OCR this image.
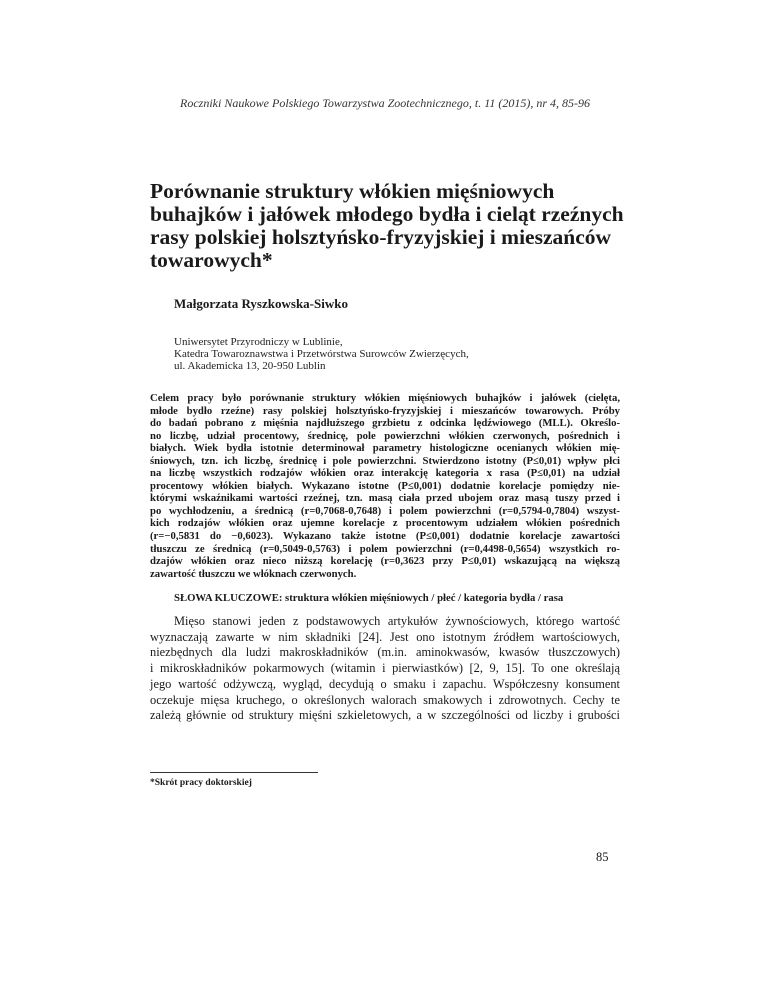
Roczniki Naukowe Polskiego Towarzystwa Zootechnicznego, t. 11 (2015), nr 4, 85-96
Porównanie struktury włókien mięśniowych
buhajków i jałówek młodego bydła i cieląt rzeźnych
rasy polskiej holsztyńsko-fryzyjskiej i mieszańców
towarowych*
Małgorzata Ryszkowska-Siwko
Uniwersytet Przyrodniczy w Lublinie,
Katedra Towaroznawstwa i Przetwórstwa Surowców Zwierzęcych,
ul. Akademicka 13, 20-950 Lublin
Celem pracy było porównanie struktury włókien mięśniowych buhajków i jałówek (cielęta,
młode bydło rzeźne) rasy polskiej holsztyńsko-fryzyjskiej i mieszańców towarowych. Próby
do badań pobrano z mięśnia najdłuższego grzbietu z odcinka lędźwiowego (MLL). Określo-
no liczbę, udział procentowy, średnicę, pole powierzchni włókien czerwonych, pośrednich i
białych. Wiek bydła istotnie determinował parametry histologiczne ocenianych włókien mię-
śniowych, tzn. ich liczbę, średnicę i pole powierzchni. Stwierdzono istotny (P≤0,01) wpływ płci
na liczbę wszystkich rodzajów włókien oraz interakcję kategoria x rasa (P≤0,01) na udział
procentowy włókien białych. Wykazano istotne (P≤0,001) dodatnie korelacje pomiędzy nie-
którymi wskaźnikami wartości rzeźnej, tzn. masą ciała przed ubojem oraz masą tuszy przed i
po wychłodzeniu, a średnicą (r=0,7068-0,7648) i polem powierzchni (r=0,5794-0,7804) wszyst-
kich rodzajów włókien oraz ujemne korelacje z procentowym udziałem włókien pośrednich
(r=−0,5831 do −0,6023). Wykazano także istotne (P≤0,001) dodatnie korelacje zawartości
tłuszczu ze średnicą (r=0,5049-0,5763) i polem powierzchni (r=0,4498-0,5654) wszystkich ro-
dzajów włókien oraz nieco niższą korelację (r=0,3623 przy P≤0,01) wskazującą na większą
zawartość tłuszczu we włóknach czerwonych.
SŁOWA KLUCZOWE: struktura włókien mięśniowych / płeć / kategoria bydła / rasa
Mięso stanowi jeden z podstawowych artykułów żywnościowych, którego wartość
wyznaczają zawarte w nim składniki [24]. Jest ono istotnym źródłem wartościowych,
niezbędnych dla ludzi makroskładników (m.in. aminokwasów, kwasów tłuszczowych)
i mikroskładników pokarmowych (witamin i pierwiastków) [2, 9, 15]. To one określają
jego wartość odżywczą, wygląd, decydują o smaku i zapachu. Współczesny konsument
oczekuje mięsa kruchego, o określonych walorach smakowych i zdrowotnych. Cechy te
zależą głównie od struktury mięśni szkieletowych, a w szczególności od liczby i grubości
*Skrót pracy doktorskiej
85
